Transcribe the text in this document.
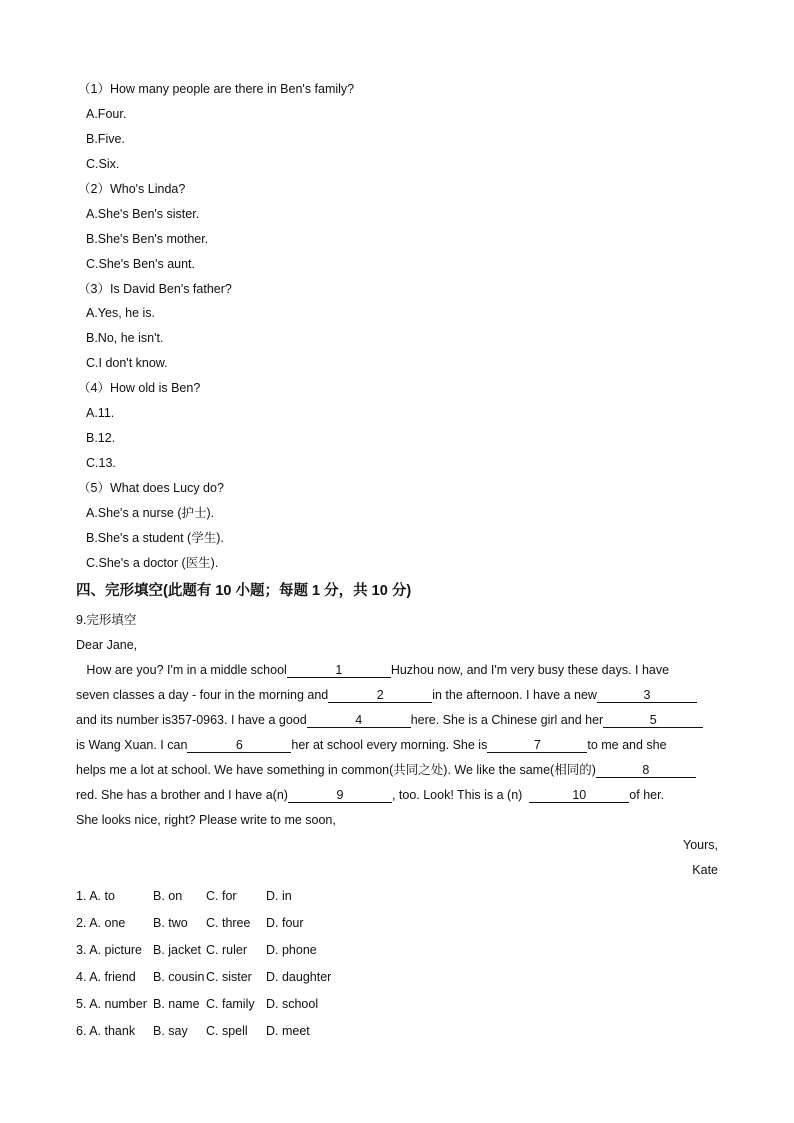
（1）How many people are there in Ben's family?
A.Four.
B.Five.
C.Six.
（2）Who's Linda?
A.She's Ben's sister.
B.She's Ben's mother.
C.She's Ben's aunt.
（3）Is David Ben's father?
A.Yes, he is.
B.No, he isn't.
C.I don't know.
（4）How old is Ben?
A.11.
B.12.
C.13.
（5）What does Lucy do?
A.She's a nurse (护士).
B.She's a student (学生).
C.She's a doctor (医生).
四、完形填空(此题有 10 小题；每题 1 分，共 10 分)
9.完形填空
Dear Jane,
How are you? I'm in a middle school	1	Huzhou now, and I'm very busy these days. I have
seven classes a day - four in the morning and	2	in the afternoon. I have a new	3
and its number is357-0963. I have a good	4	here. She is a Chinese girl and her	5
is Wang Xuan. I can	6	her at school every morning. She is	7	to me and she
helps me a lot at school. We have something in common(共同之处). We like the same(相同的)	8
red. She has a brother and I have a(n)	9	, too. Look! This is a (n)	10	of her.
She looks nice, right? Please write to me soon,
Yours,
Kate
1. A. to	B. on C. for D. in
2. A. one B. two C. three D. four
3. A. picture B. jacket C. ruler D. phone
4. A. friend B. cousin C. sister D. daughter
5. A. number B. name C. family D. school
6. A. thank B. say C. spell D. meet
